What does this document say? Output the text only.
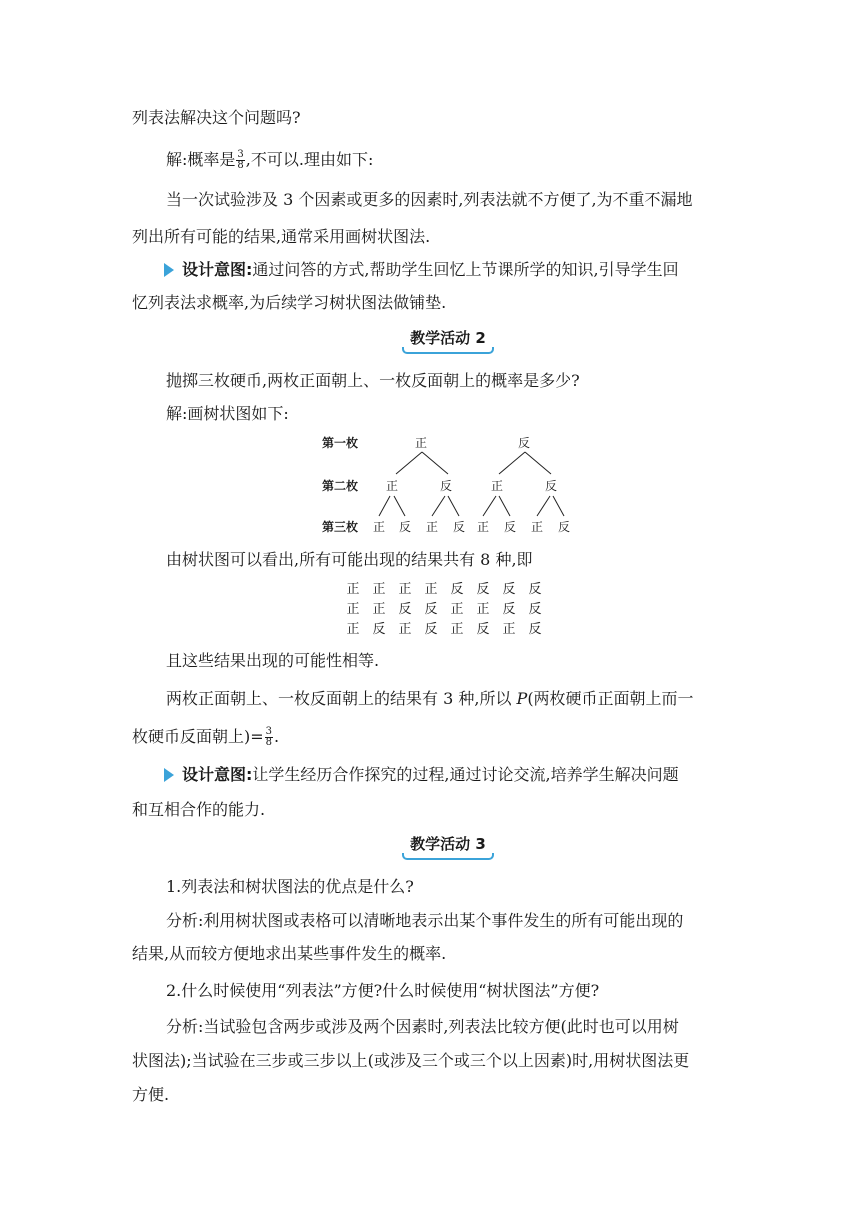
列表法解决这个问题吗?
解:概率是 $\frac{3}{8}$ ,不可以.理由如下:
当一次试验涉及 3 个因素或更多的因素时,列表法就不方便了,为不重不漏地
列出所有可能的结果,通常采用画树状图法.
设计意图:通过问答的方式,帮助学生回忆上节课所学的知识,引导学生回
忆列表法求概率,为后续学习树状图法做铺垫.
教学活动 2
抛掷三枚硬币,两枚正面朝上、一枚反面朝上的概率是多少?
解:画树状图如下:
第一枚
第二枚
第三枚
正	反
正	反	正	反
正 反 正 反 正 反 正 反
由树状图可以看出,所有可能出现的结果共有 8 种,即
正 正 正 正 反 反 反 反
正 正 反 反 正 正 反 反
正 反 正 反 正 反 正 反
且这些结果出现的可能性相等.
两枚正面朝上、一枚反面朝上的结果有 3 种,所以 P(两枚硬币正面朝上而一
枚硬币反面朝上)= $\frac{3}{8}$ .
设计意图:让学生经历合作探究的过程,通过讨论交流,培养学生解决问题
和互相合作的能力.
教学活动 3
1.列表法和树状图法的优点是什么?
分析:利用树状图或表格可以清晰地表示出某个事件发生的所有可能出现的
结果,从而较方便地求出某些事件发生的概率.
2.什么时候使用“列表法”方便?什么时候使用“树状图法”方便?
分析:当试验包含两步或涉及两个因素时,列表法比较方便(此时也可以用树
状图法);当试验在三步或三步以上(或涉及三个或三个以上因素)时,用树状图法更
方便.
